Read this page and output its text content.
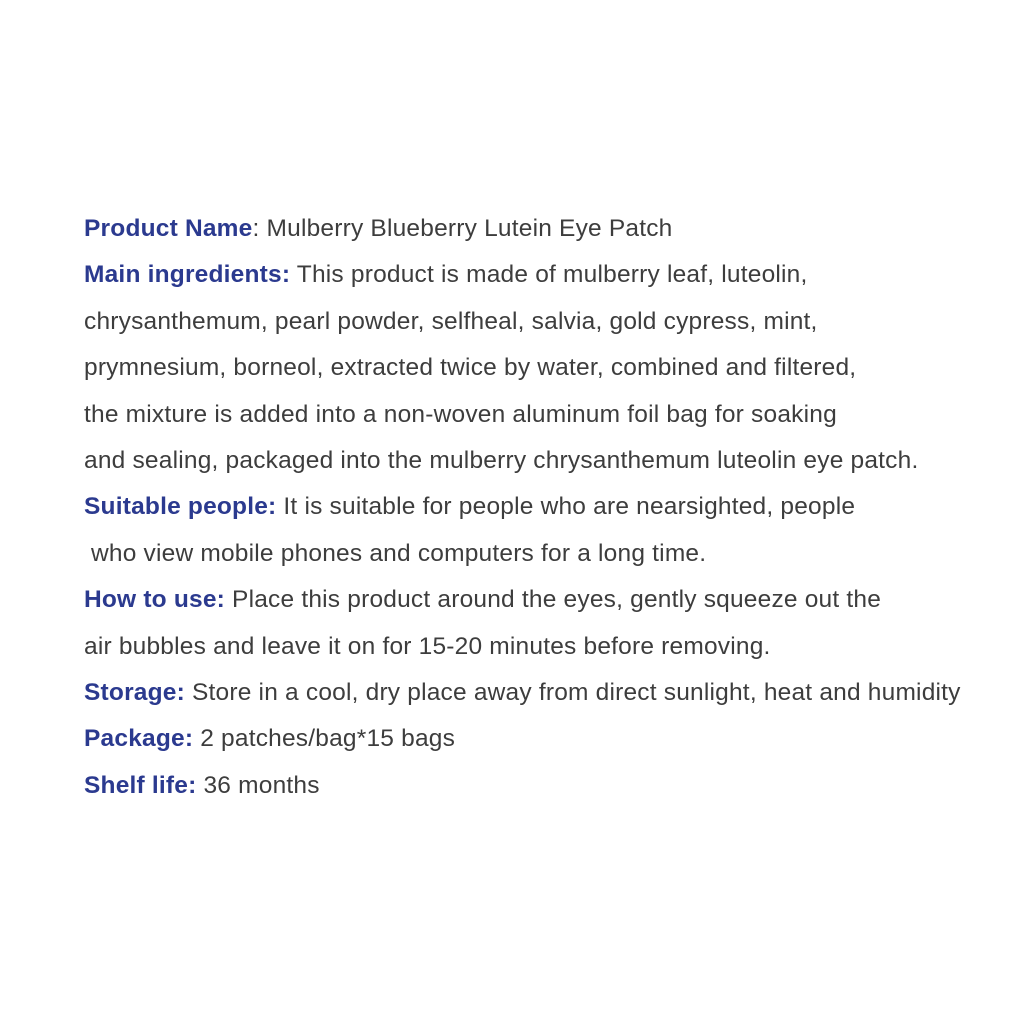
Product Name: Mulberry Blueberry Lutein Eye Patch
Main ingredients: This product is made of mulberry leaf, luteolin,
chrysanthemum, pearl powder, selfheal, salvia, gold cypress, mint,
prymnesium, borneol, extracted twice by water, combined and filtered,
the mixture is added into a non-woven aluminum foil bag for soaking
and sealing, packaged into the mulberry chrysanthemum luteolin eye patch.
Suitable people: It is suitable for people who are nearsighted, people
who view mobile phones and computers for a long time.
How to use: Place this product around the eyes, gently squeeze out the
air bubbles and leave it on for 15-20 minutes before removing.
Storage: Store in a cool, dry place away from direct sunlight, heat and humidity
Package: 2 patches/bag*15 bags
Shelf life: 36 months
